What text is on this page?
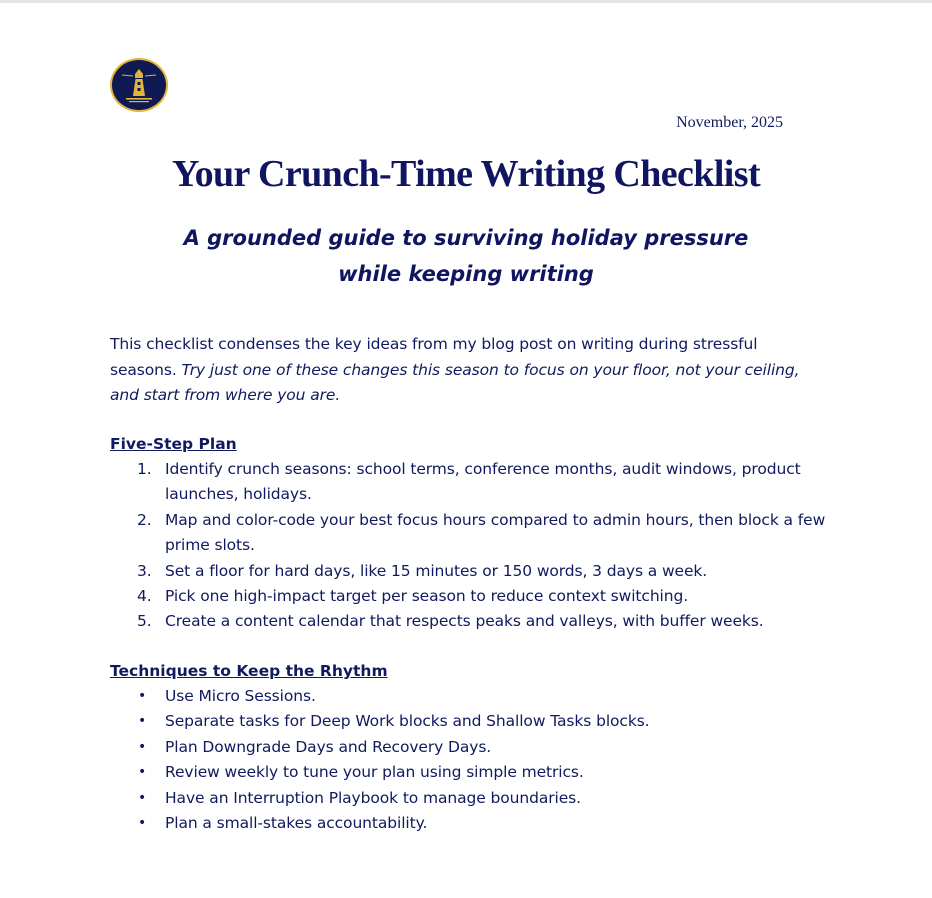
November, 2025
Your Crunch-Time Writing Checklist
A grounded guide to surviving holiday pressure
while keeping writing

This checklist condenses the key ideas from my blog post on writing during stressful seasons. Try just one of these changes this season to focus on your floor, not your ceiling, and start from where you are.

Five-Step Plan
1. Identify crunch seasons: school terms, conference months, audit windows, product launches, holidays.
2. Map and color-code your best focus hours compared to admin hours, then block a few prime slots.
3. Set a floor for hard days, like 15 minutes or 150 words, 3 days a week.
4. Pick one high-impact target per season to reduce context switching.
5. Create a content calendar that respects peaks and valleys, with buffer weeks.
Techniques to Keep the Rhythm
• Use Micro Sessions.
• Separate tasks for Deep Work blocks and Shallow Tasks blocks.
• Plan Downgrade Days and Recovery Days.
• Review weekly to tune your plan using simple metrics.
• Have an Interruption Playbook to manage boundaries.
• Plan a small-stakes accountability.
